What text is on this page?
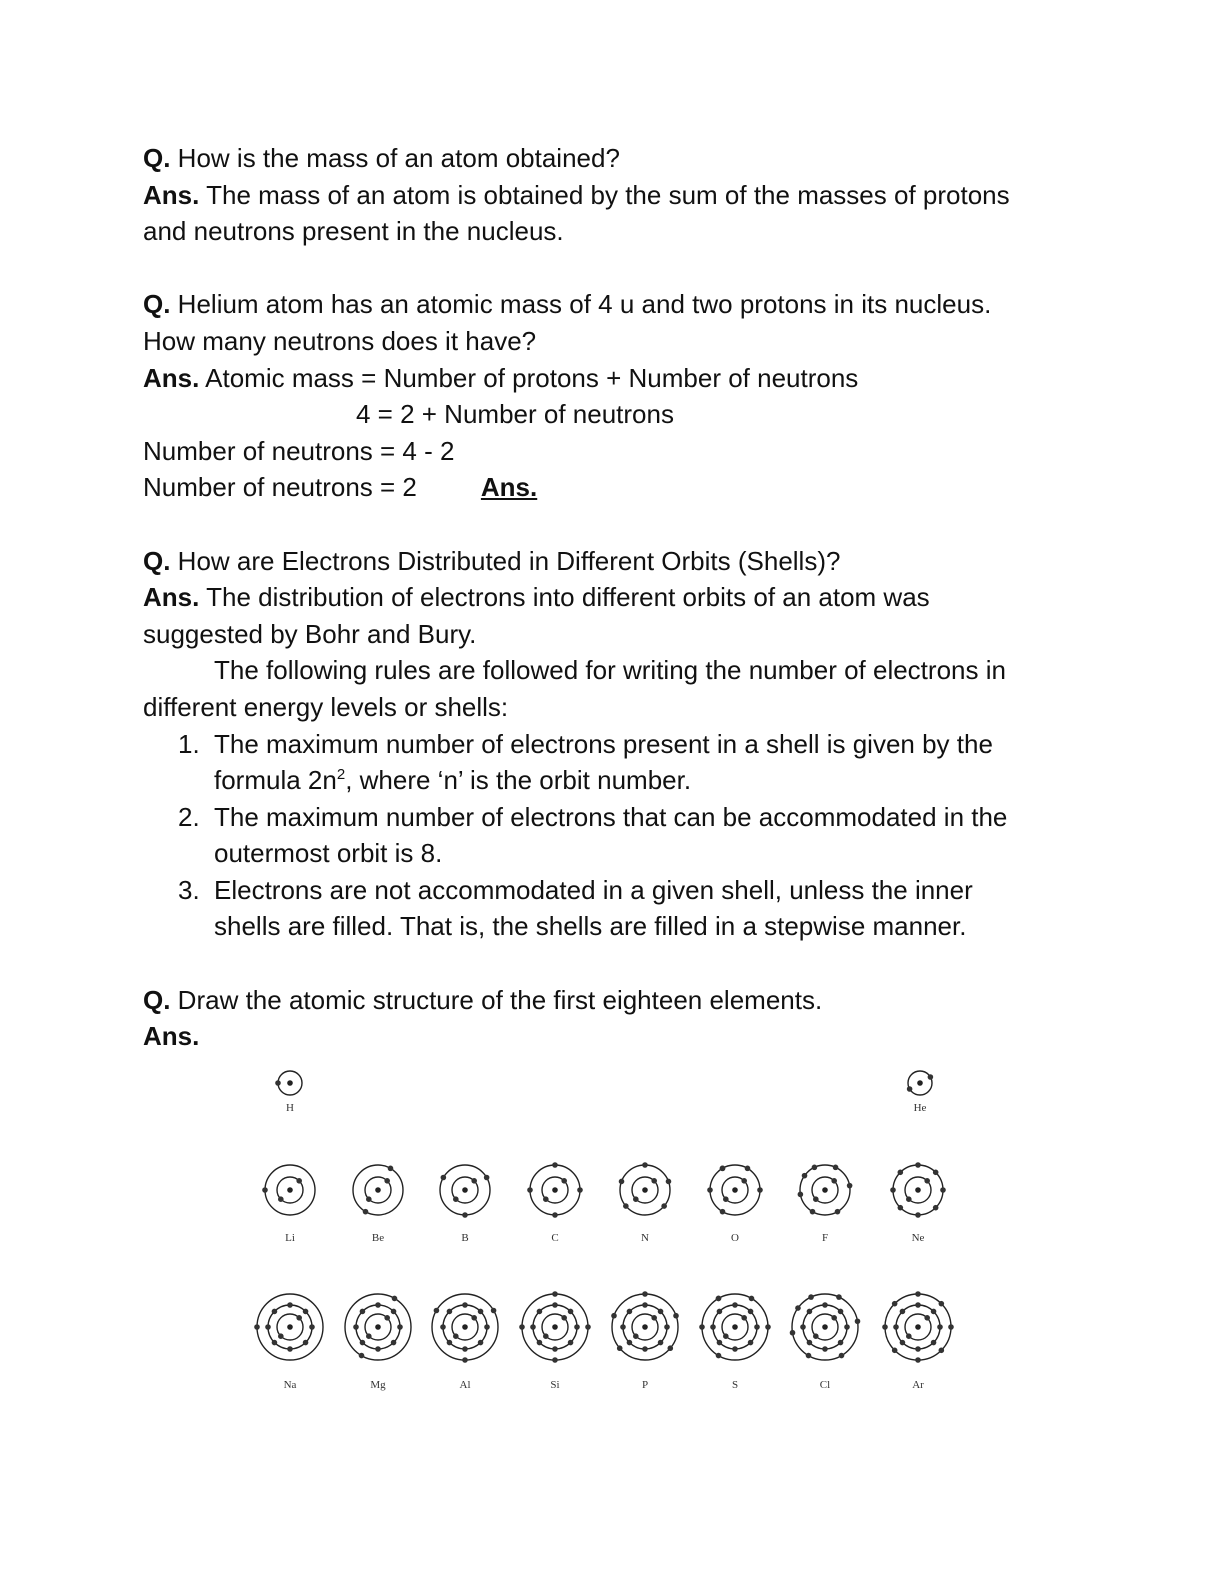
Q. How is the mass of an atom obtained?
Ans. The mass of an atom is obtained by the sum of the masses of protons
and neutrons present in the nucleus.
Q. Helium atom has an atomic mass of 4 u and two protons in its nucleus.
How many neutrons does it have?
Ans. Atomic mass = Number of protons + Number of neutrons
4 = 2 + Number of neutrons
Number of neutrons = 4 - 2
Number of neutrons = 2 Ans.
Q. How are Electrons Distributed in Different Orbits (Shells)?
Ans. The distribution of electrons into different orbits of an atom was
suggested by Bohr and Bury.
The following rules are followed for writing the number of electrons in
different energy levels or shells:
1. The maximum number of electrons present in a shell is given by the
formula $2n^2$, where ‘n’ is the orbit number.
2. The maximum number of electrons that can be accommodated in the
outermost orbit is 8.
3. Electrons are not accommodated in a given shell, unless the inner
shells are filled. That is, the shells are filled in a stepwise manner.
Q. Draw the atomic structure of the first eighteen elements.
Ans.
H	He
Li	Be	B	C	N	O	F	Ne
Na	Mg	Al	Si	P	S	Cl	Ar
